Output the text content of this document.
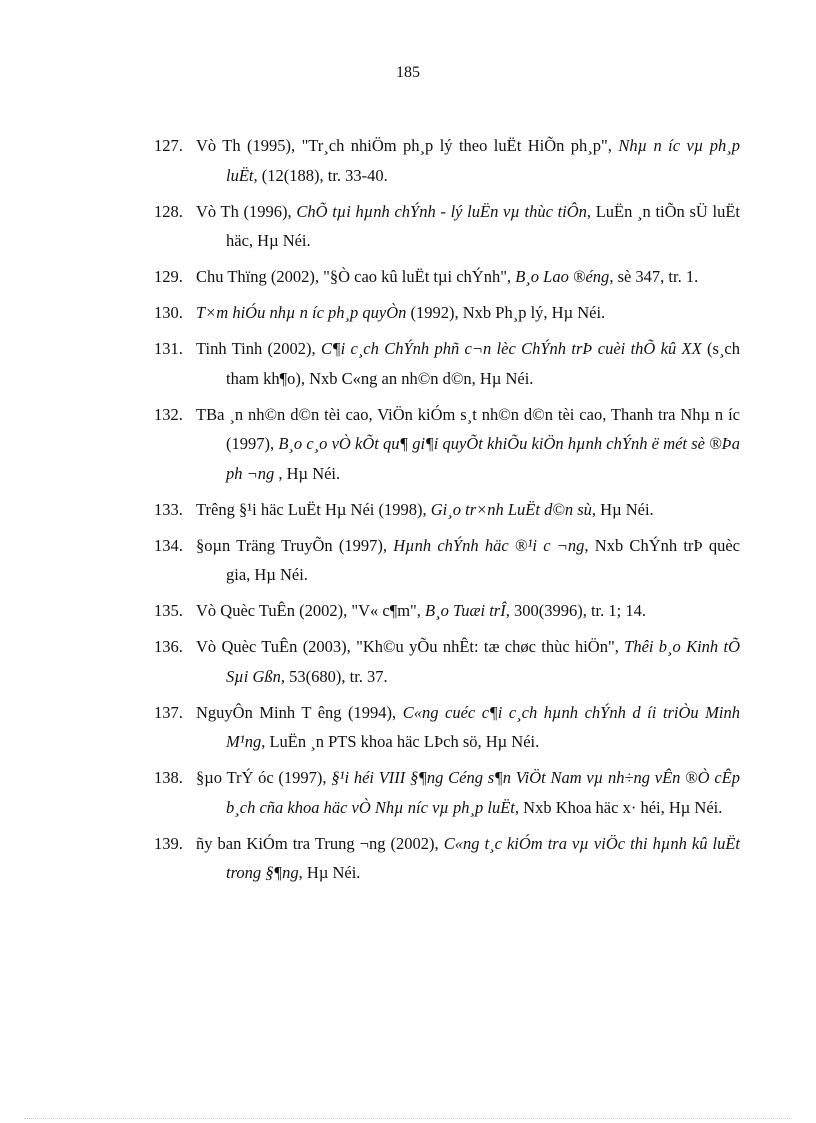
185
127. Vò Th (1995), "Tr¸ch nhiÖm ph¸p lý theo luËt HiÕn ph¸p", Nhµ n íc vµ ph¸p luËt, (12(188), tr. 33-40.
128. Vò Th (1996), ChÕ tµi hµnh chÝnh - lý luËn vµ thùc tiÔn, LuËn ¸n tiÕn sÜ luËt häc, Hµ Néi.
129. Chu Thïng (2002), "§Ò cao kû luËt tµi chÝnh", B¸o Lao ®éng, sè 347, tr. 1.
130. T×m hiÓu nhµ n íc ph¸p quyÒn (1992), Nxb Ph¸p lý, Hµ Néi.
131. Tinh Tinh (2002), C¶i c¸ch ChÝnh phñ c¬n lèc ChÝnh trÞ cuèi thÕ kû XX (s¸ch tham kh¶o), Nxb C«ng an nh©n d©n, Hµ Néi.
132. TBa ¸n nh©n d©n tèi cao, ViÖn kiÓm s¸t nh©n d©n tèi cao, Thanh tra Nhµ n íc (1997), B¸o c¸o vÒ kÕt qu¶ gi¶i quyÕt khiÕu kiÖn hµnh chÝnh ë mét sè ®Þa ph ¬ng , Hµ Néi.
133. Trêng §¹i häc LuËt Hµ Néi (1998), Gi¸o tr×nh LuËt d©n sù, Hµ Néi.
134. §oµn Träng TruyÕn (1997), Hµnh chÝnh häc ®¹i c ¬ng, Nxb ChÝnh trÞ quèc gia, Hµ Néi.
135. Vò Quèc TuÊn (2002), "V« c¶m", B¸o Tuæi trÎ, 300(3996), tr. 1; 14.
136. Vò Quèc TuÊn (2003), "Kh©u yÕu nhÊt: tæ chøc thùc hiÖn", Thêi b¸o Kinh tÕ Sµi Gßn, 53(680), tr. 37.
137. NguyÔn Minh T êng (1994), C«ng cuéc c¶i c¸ch hµnh chÝnh d íi triÒu Minh M¹ng, LuËn ¸n PTS khoa häc LÞch sö, Hµ Néi.
138. §µo TrÝ óc (1997), §¹i héi VIII §¶ng Céng s¶n ViÖt Nam vµ nh÷ng vÊn ®Ò cÊp b¸ch cña khoa häc vÒ Nhµ níc vµ ph¸p luËt, Nxb Khoa häc x· héi, Hµ Néi.
139. ñy ban KiÓm tra Trung ¬ng (2002), C«ng t¸c kiÓm tra vµ viÖc thi hµnh kû luËt trong §¶ng, Hµ Néi.
